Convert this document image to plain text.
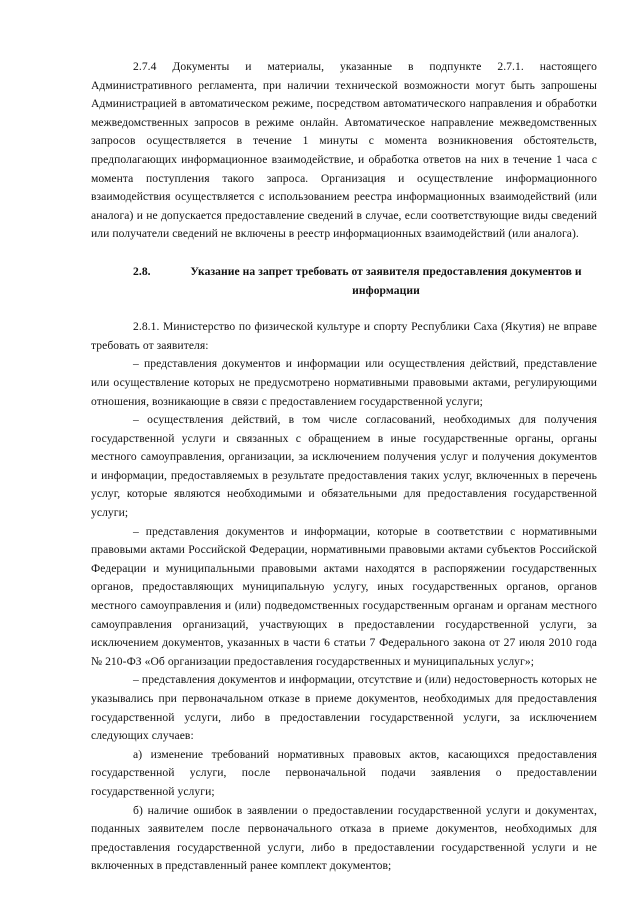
2.7.4 Документы и материалы, указанные в подпункте 2.7.1. настоящего Административного регламента, при наличии технической возможности могут быть запрошены Администрацией в автоматическом режиме, посредством автоматического направления и обработки межведомственных запросов в режиме онлайн. Автоматическое направление межведомственных запросов осуществляется в течение 1 минуты с момента возникновения обстоятельств, предполагающих информационное взаимодействие, и обработка ответов на них в течение 1 часа с момента поступления такого запроса. Организация и осуществление информационного взаимодействия осуществляется с использованием реестра информационных взаимодействий (или аналога) и не допускается предоставление сведений в случае, если соответствующие виды сведений или получатели сведений не включены в реестр информационных взаимодействий (или аналога).

2.8.	Указание на запрет требовать от заявителя предоставления документов и информации

2.8.1. Министерство по физической культуре и спорту Республики Саха (Якутия) не вправе требовать от заявителя:

– представления документов и информации или осуществления действий, представление или осуществление которых не предусмотрено нормативными правовыми актами, регулирующими отношения, возникающие в связи с предоставлением государственной услуги;

– осуществления действий, в том числе согласований, необходимых для получения государственной услуги и связанных с обращением в иные государственные органы, органы местного самоуправления, организации, за исключением получения услуг и получения документов и информации, предоставляемых в результате предоставления таких услуг, включенных в перечень услуг, которые являются необходимыми и обязательными для предоставления государственной услуги;

– представления документов и информации, которые в соответствии с нормативными правовыми актами Российской Федерации, нормативными правовыми актами субъектов Российской Федерации и муниципальными правовыми актами находятся в распоряжении государственных органов, предоставляющих муниципальную услугу, иных государственных органов, органов местного самоуправления и (или) подведомственных государственным органам и органам местного самоуправления организаций, участвующих в предоставлении государственной услуги, за исключением документов, указанных в части 6 статьи 7 Федерального закона от 27 июля 2010 года № 210-ФЗ «Об организации предоставления государственных и муниципальных услуг»;

– представления документов и информации, отсутствие и (или) недостоверность которых не указывались при первоначальном отказе в приеме документов, необходимых для предоставления государственной услуги, либо в предоставлении государственной услуги, за исключением следующих случаев:

а) изменение требований нормативных правовых актов, касающихся предоставления государственной услуги, после первоначальной подачи заявления о предоставлении государственной услуги;

б) наличие ошибок в заявлении о предоставлении государственной услуги и документах, поданных заявителем после первоначального отказа в приеме документов, необходимых для предоставления государственной услуги, либо в предоставлении государственной услуги и не включенных в представленный ранее комплект документов;
